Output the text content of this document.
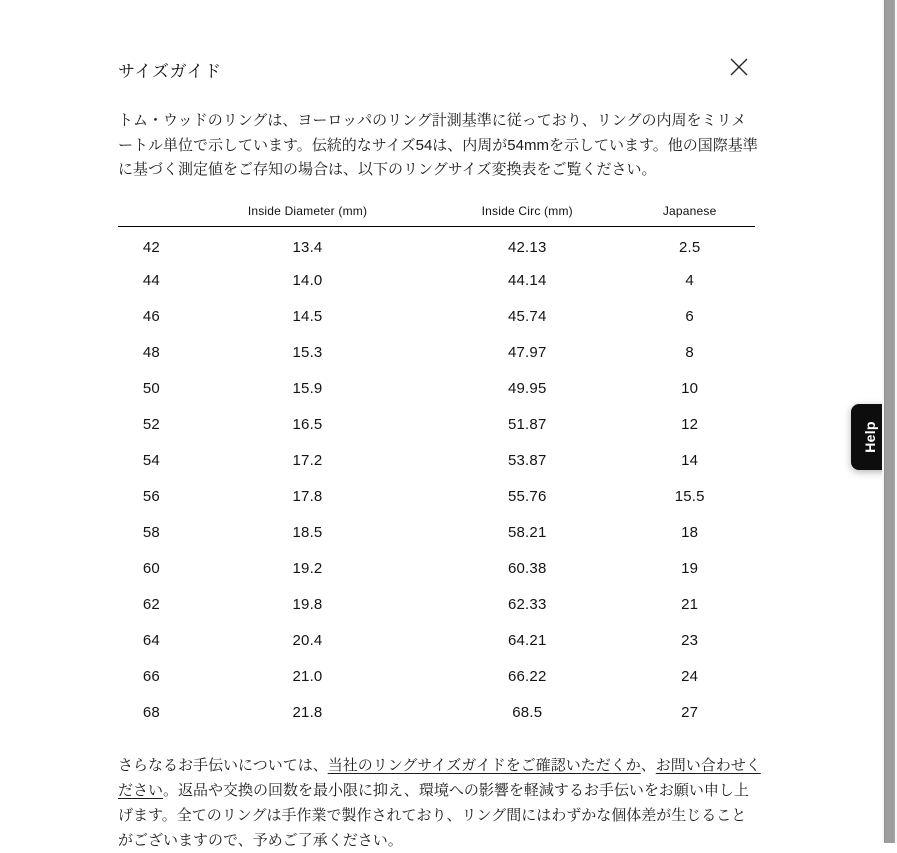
サイズガイド

トム・ウッドのリングは、ヨーロッパのリング計測基準に従っており、リングの内周をミリメートル単位で示しています。伝統的なサイズ54は、内周が54mmを示しています。他の国際基準に基づく測定値をご存知の場合は、以下のリングサイズ変換表をご覧ください。

	Inside Diameter (mm)	Inside Circ (mm)	Japanese
42	13.4	42.13	2.5
44	14.0	44.14	4
46	14.5	45.74	6
48	15.3	47.97	8
50	15.9	49.95	10
52	16.5	51.87	12
54	17.2	53.87	14
56	17.8	55.76	15.5
58	18.5	58.21	18
60	19.2	60.38	19
62	19.8	62.33	21
64	20.4	64.21	23
66	21.0	66.22	24
68	21.8	68.5	27

さらなるお手伝いについては、当社のリングサイズガイドをご確認いただくか、お問い合わせください。返品や交換の回数を最小限に抑え、環境への影響を軽減するお手伝いをお願い申し上げます。全てのリングは手作業で製作されており、リング間にはわずかな個体差が生じることがございますので、予めご了承ください。

Help
